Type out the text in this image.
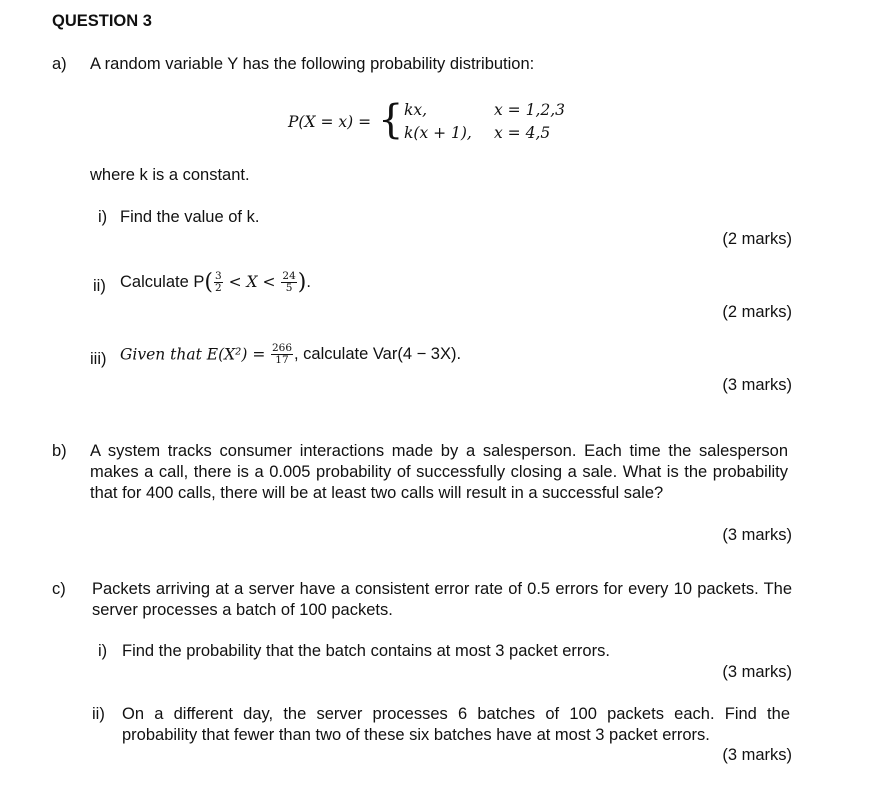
QUESTION 3
a) A random variable Y has the following probability distribution:
P(X = x) = { kx,	x = 1,2,3
k(x + 1), x = 4,5
where k is a constant.
i) Find the value of k.
(2 marks)
ii) Calculate $P( \frac{3}{2} < X < \frac{24}{5}$ ).
(2 marks)
iii) Given that $E(X^2) = \frac{266}{17}$ , calculate Var(4 − 3X).
(3 marks)
b) A system tracks consumer interactions made by a salesperson. Each time the salesperson makes a call, there is a 0.005 probability of successfully closing a sale. What is the probability that for 400 calls, there will be at least two calls will result in a successful sale?
(3 marks)
c) Packets arriving at a server have a consistent error rate of 0.5 errors for every 10 packets. The server processes a batch of 100 packets.
i) Find the probability that the batch contains at most 3 packet errors.
(3 marks)
ii) On a different day, the server processes 6 batches of 100 packets each. Find the probability that fewer than two of these six batches have at most 3 packet errors.
(3 marks)
